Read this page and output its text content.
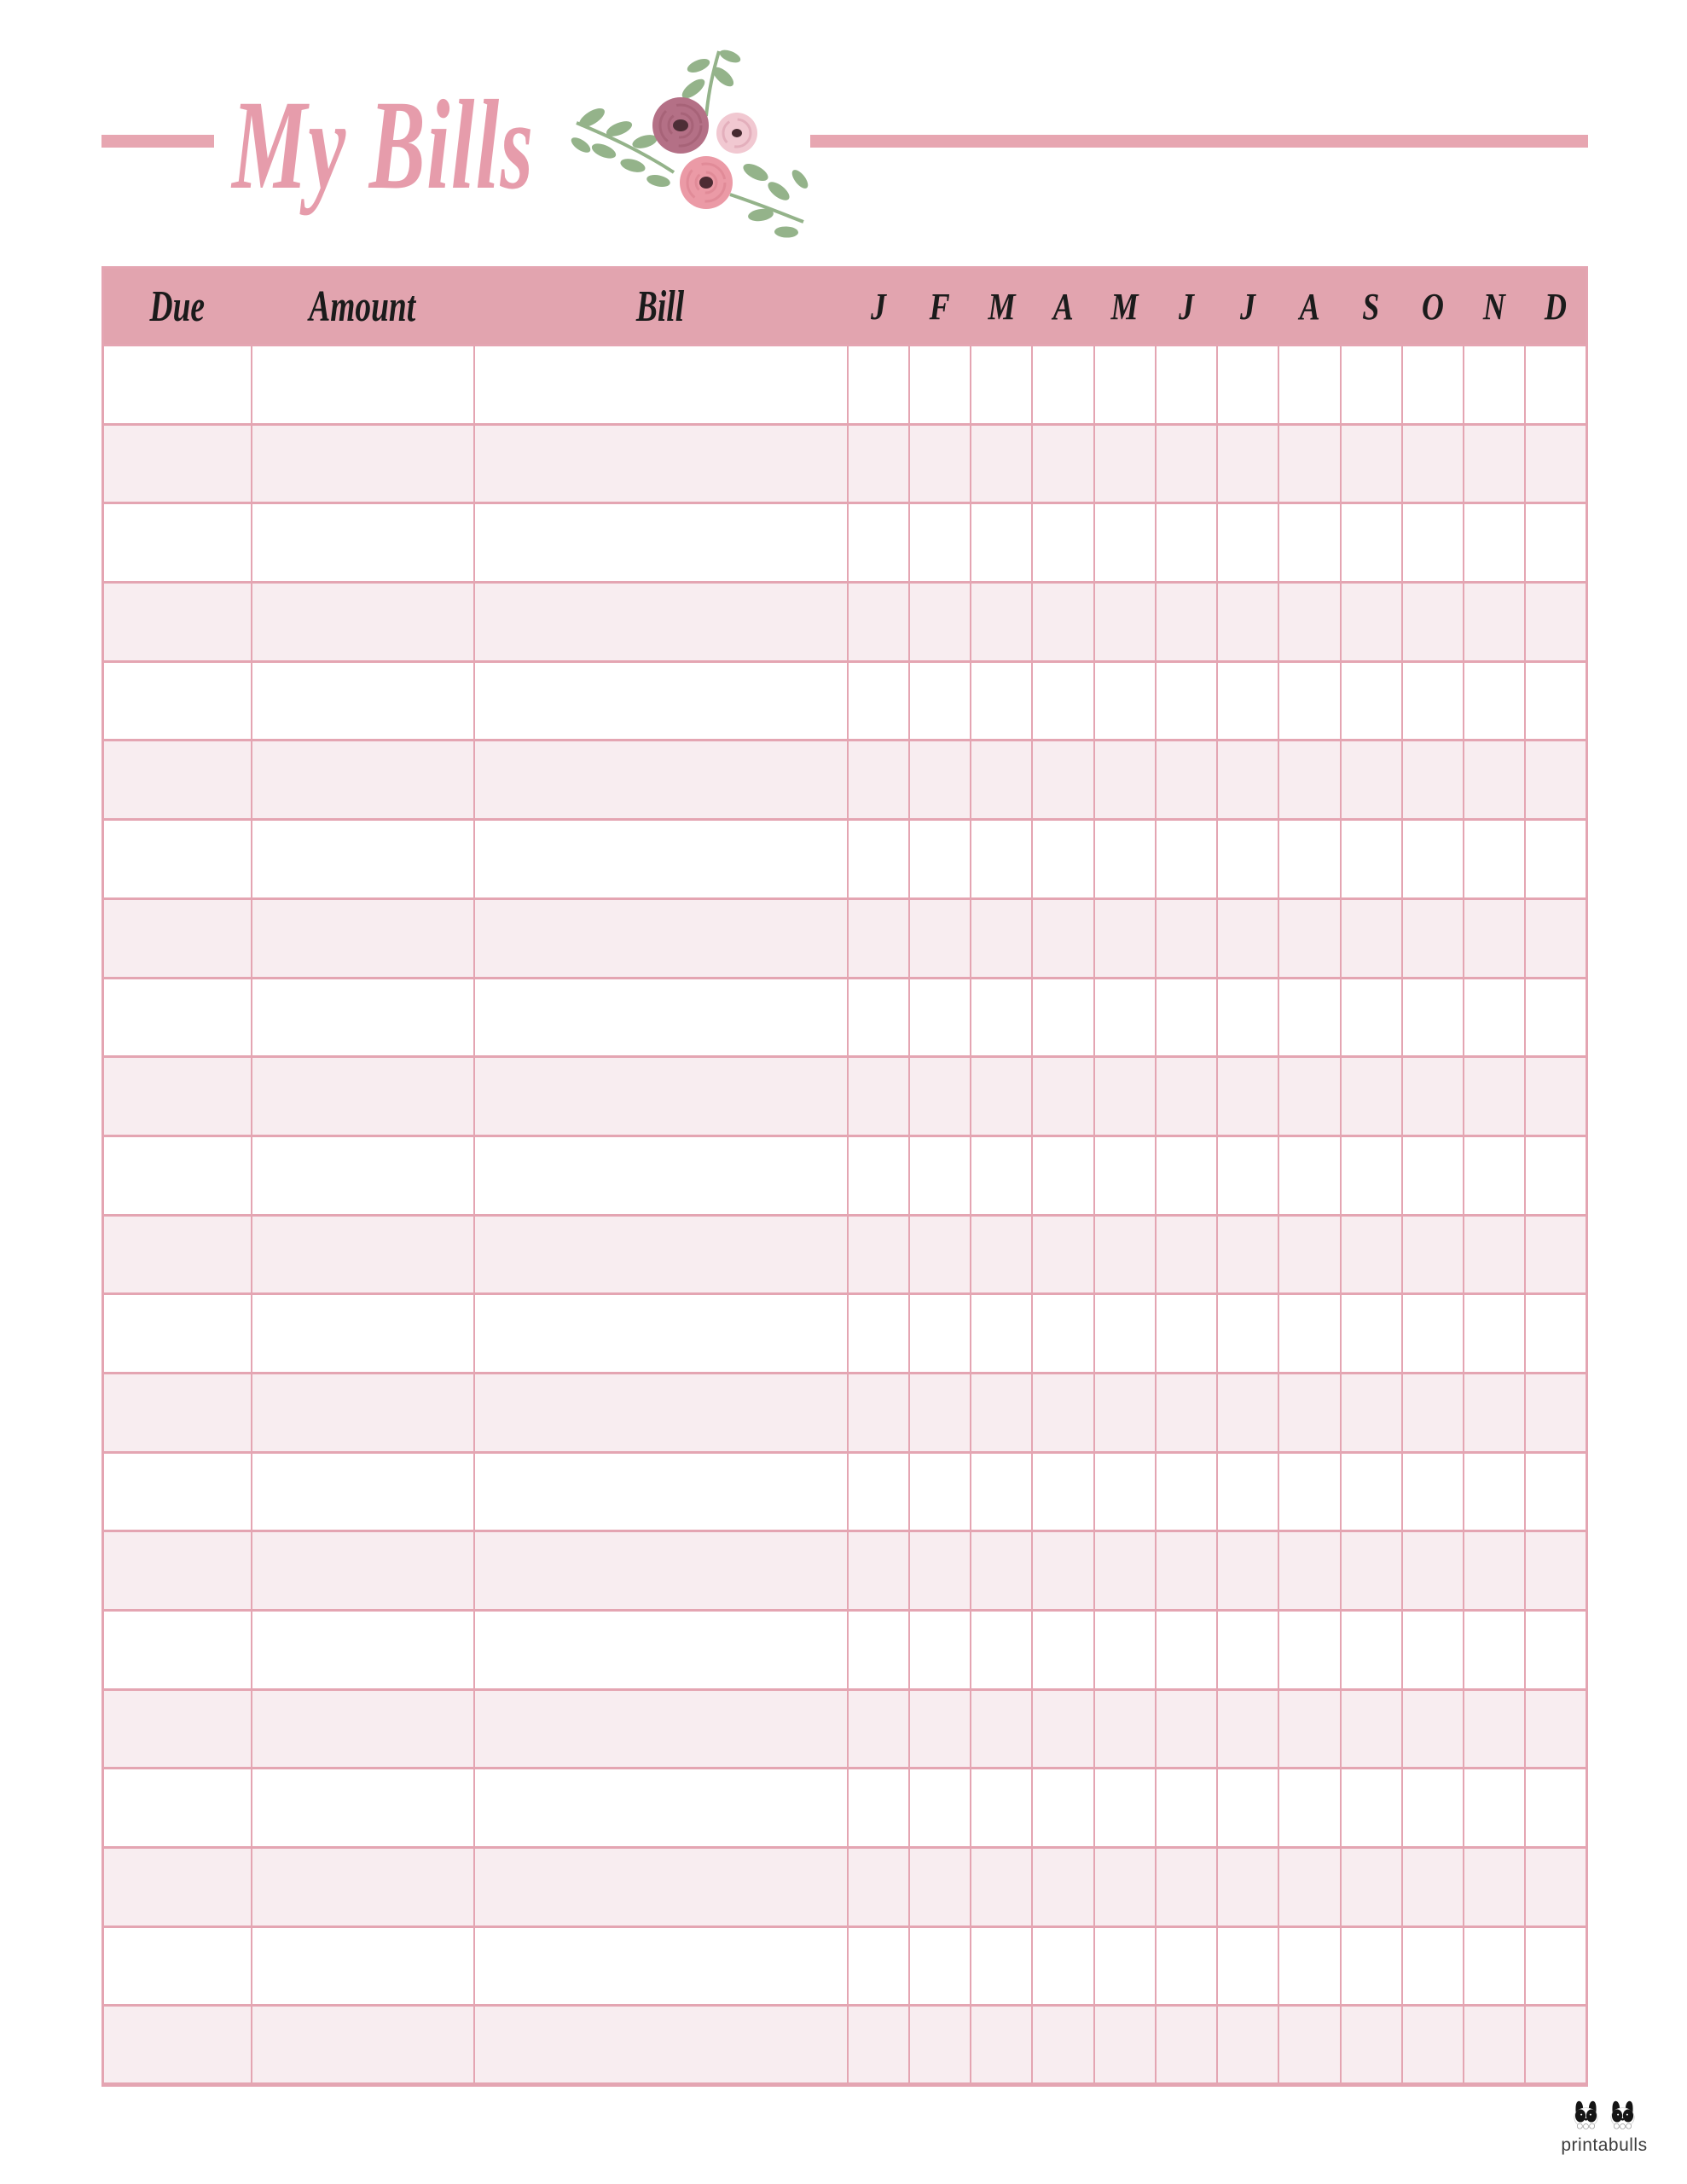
My Bills
Due	Amount	Bill	J	F	M	A	M	J	J	A	S	O	N	D

printabulls
